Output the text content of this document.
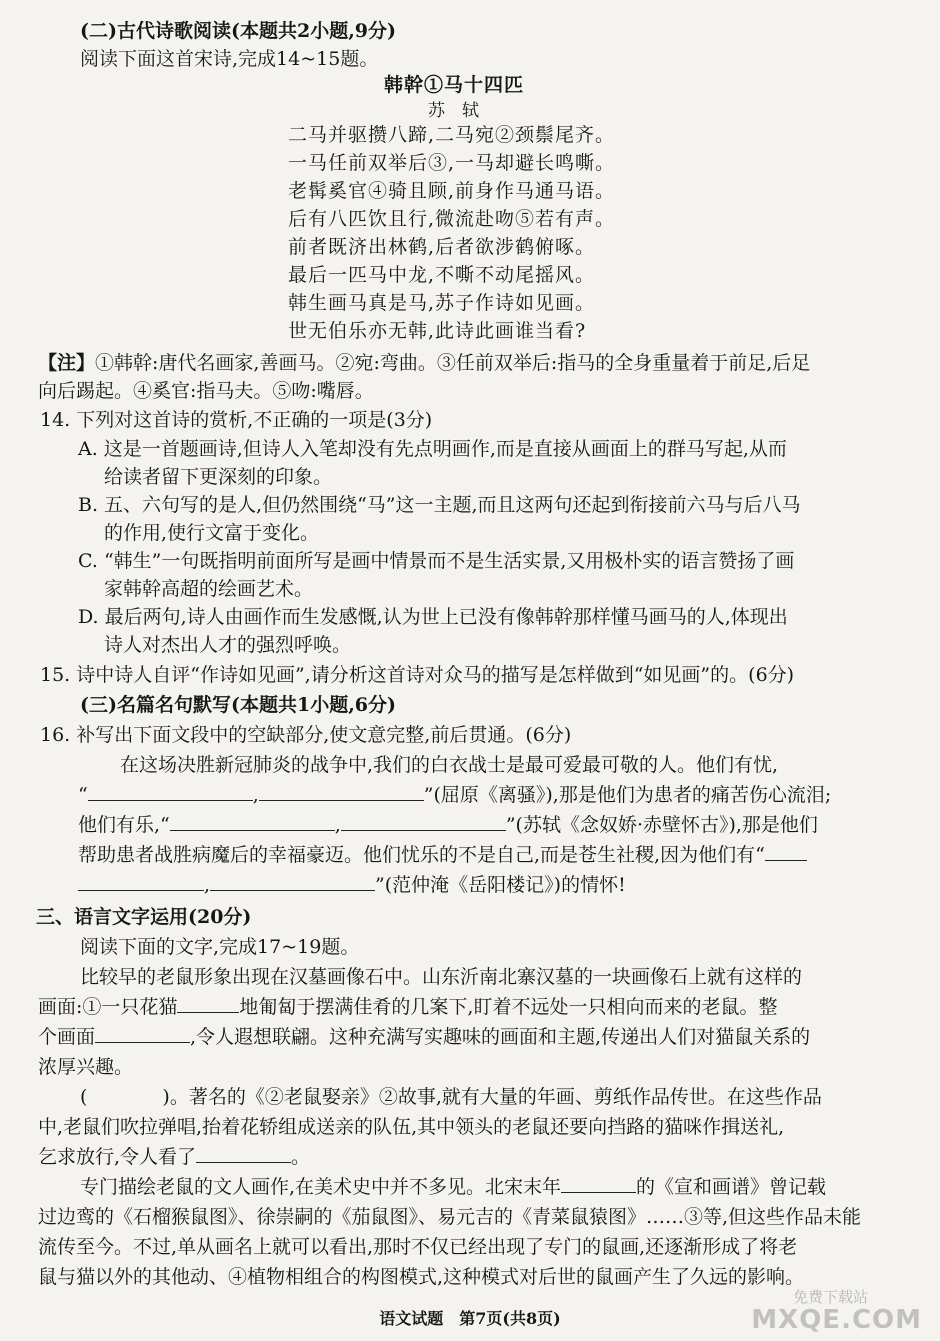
(二)古代诗歌阅读(本题共2小题,9分)
阅读下面这首宋诗,完成14~15题。
韩幹①马十四匹
苏　轼
二马并驱攒八蹄,二马宛②颈鬃尾齐。
一马任前双举后③,一马却避长鸣嘶。
老髯奚官④骑且顾,前身作马通马语。
后有八匹饮且行,微流赴吻⑤若有声。
前者既济出林鹤,后者欲涉鹤俯啄。
最后一匹马中龙,不嘶不动尾摇风。
韩生画马真是马,苏子作诗如见画。
世无伯乐亦无韩,此诗此画谁当看?
【注】①韩幹:唐代名画家,善画马。②宛:弯曲。③任前双举后:指马的全身重量着于前足,后足
向后踢起。④奚官:指马夫。⑤吻:嘴唇。
14. 下列对这首诗的赏析,不正确的一项是(3分)
A. 这是一首题画诗,但诗人入笔却没有先点明画作,而是直接从画面上的群马写起,从而
给读者留下更深刻的印象。
B. 五、六句写的是人,但仍然围绕“马”这一主题,而且这两句还起到衔接前六马与后八马
的作用,使行文富于变化。
C. “韩生”一句既指明前面所写是画中情景而不是生活实景,又用极朴实的语言赞扬了画
家韩幹高超的绘画艺术。
D. 最后两句,诗人由画作而生发感慨,认为世上已没有像韩幹那样懂马画马的人,体现出
诗人对杰出人才的强烈呼唤。
15. 诗中诗人自评“作诗如见画”,请分析这首诗对众马的描写是怎样做到“如见画”的。(6分)
(三)名篇名句默写(本题共1小题,6分)
16. 补写出下面文段中的空缺部分,使文意完整,前后贯通。(6分)
在这场决胜新冠肺炎的战争中,我们的白衣战士是最可爱最可敬的人。他们有忧,
“	,	”(屈原《离骚》),那是他们为患者的痛苦伤心流泪;
他们有乐,“	,	”(苏轼《念奴娇·赤壁怀古》),那是他们
帮助患者战胜病魔后的幸福豪迈。他们忧乐的不是自己,而是苍生社稷,因为他们有“
,	”(范仲淹《岳阳楼记》)的情怀!
三、语言文字运用(20分)
阅读下面的文字,完成17~19题。
比较早的老鼠形象出现在汉墓画像石中。山东沂南北寨汉墓的一块画像石上就有这样的
画面:①一只花猫	地匍匐于摆满佳肴的几案下,盯着不远处一只相向而来的老鼠。整
个画面	,令人遐想联翩。这种充满写实趣味的画面和主题,传递出人们对猫鼠关系的
浓厚兴趣。
(	)。著名的《②老鼠娶亲》②故事,就有大量的年画、剪纸作品传世。在这些作品
中,老鼠们吹拉弹唱,抬着花轿组成送亲的队伍,其中领头的老鼠还要向挡路的猫咪作揖送礼,
乞求放行,令人看了	。
专门描绘老鼠的文人画作,在美术史中并不多见。北宋末年	的《宣和画谱》曾记载
过边鸾的《石榴猴鼠图》、徐崇嗣的《茄鼠图》、易元吉的《青菜鼠猿图》……③等,但这些作品未能
流传至今。不过,单从画名上就可以看出,那时不仅已经出现了专门的鼠画,还逐渐形成了将老
鼠与猫以外的其他动、④植物相组合的构图模式,这种模式对后世的鼠画产生了久远的影响。
语文试题　第7页(共8页)
免费下载站
MXQE.COM
